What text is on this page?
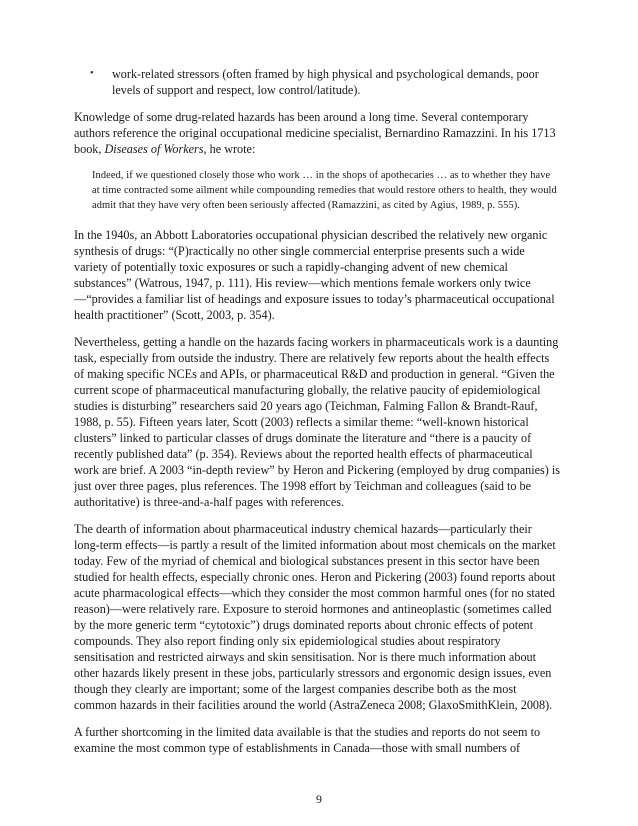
•	work-related stressors (often framed by high physical and psychological demands, poor levels of support and respect, low control/latitude).

Knowledge of some drug-related hazards has been around a long time. Several contemporary authors reference the original occupational medicine specialist, Bernardino Ramazzini. In his 1713 book, Diseases of Workers, he wrote:

Indeed, if we questioned closely those who work … in the shops of apothecaries … as to whether they have at time contracted some ailment while compounding remedies that would restore others to health, they would admit that they have very often been seriously affected (Ramazzini, as cited by Agius, 1989, p. 555).

In the 1940s, an Abbott Laboratories occupational physician described the relatively new organic synthesis of drugs: “(P)ractically no other single commercial enterprise presents such a wide variety of potentially toxic exposures or such a rapidly-changing advent of new chemical substances” (Watrous, 1947, p. 111). His review—which mentions female workers only twice—“provides a familiar list of headings and exposure issues to today’s pharmaceutical occupational health practitioner” (Scott, 2003, p. 354).

Nevertheless, getting a handle on the hazards facing workers in pharmaceuticals work is a daunting task, especially from outside the industry. There are relatively few reports about the health effects of making specific NCEs and APIs, or pharmaceutical R&D and production in general. “Given the current scope of pharmaceutical manufacturing globally, the relative paucity of epidemiological studies is disturbing” researchers said 20 years ago (Teichman, Falming Fallon & Brandt-Rauf, 1988, p. 55). Fifteen years later, Scott (2003) reflects a similar theme: “well-known historical clusters” linked to particular classes of drugs dominate the literature and “there is a paucity of recently published data” (p. 354). Reviews about the reported health effects of pharmaceutical work are brief. A 2003 “in-depth review” by Heron and Pickering (employed by drug companies) is just over three pages, plus references. The 1998 effort by Teichman and colleagues (said to be authoritative) is three-and-a-half pages with references.

The dearth of information about pharmaceutical industry chemical hazards—particularly their long-term effects—is partly a result of the limited information about most chemicals on the market today. Few of the myriad of chemical and biological substances present in this sector have been studied for health effects, especially chronic ones. Heron and Pickering (2003) found reports about acute pharmacological effects—which they consider the most common harmful ones (for no stated reason)—were relatively rare. Exposure to steroid hormones and antineoplastic (sometimes called by the more generic term “cytotoxic”) drugs dominated reports about chronic effects of potent compounds. They also report finding only six epidemiological studies about respiratory sensitisation and restricted airways and skin sensitisation. Nor is there much information about other hazards likely present in these jobs, particularly stressors and ergonomic design issues, even though they clearly are important; some of the largest companies describe both as the most common hazards in their facilities around the world (AstraZeneca 2008; GlaxoSmithKlein, 2008).

A further shortcoming in the limited data available is that the studies and reports do not seem to examine the most common type of establishments in Canada—those with small numbers of

9
